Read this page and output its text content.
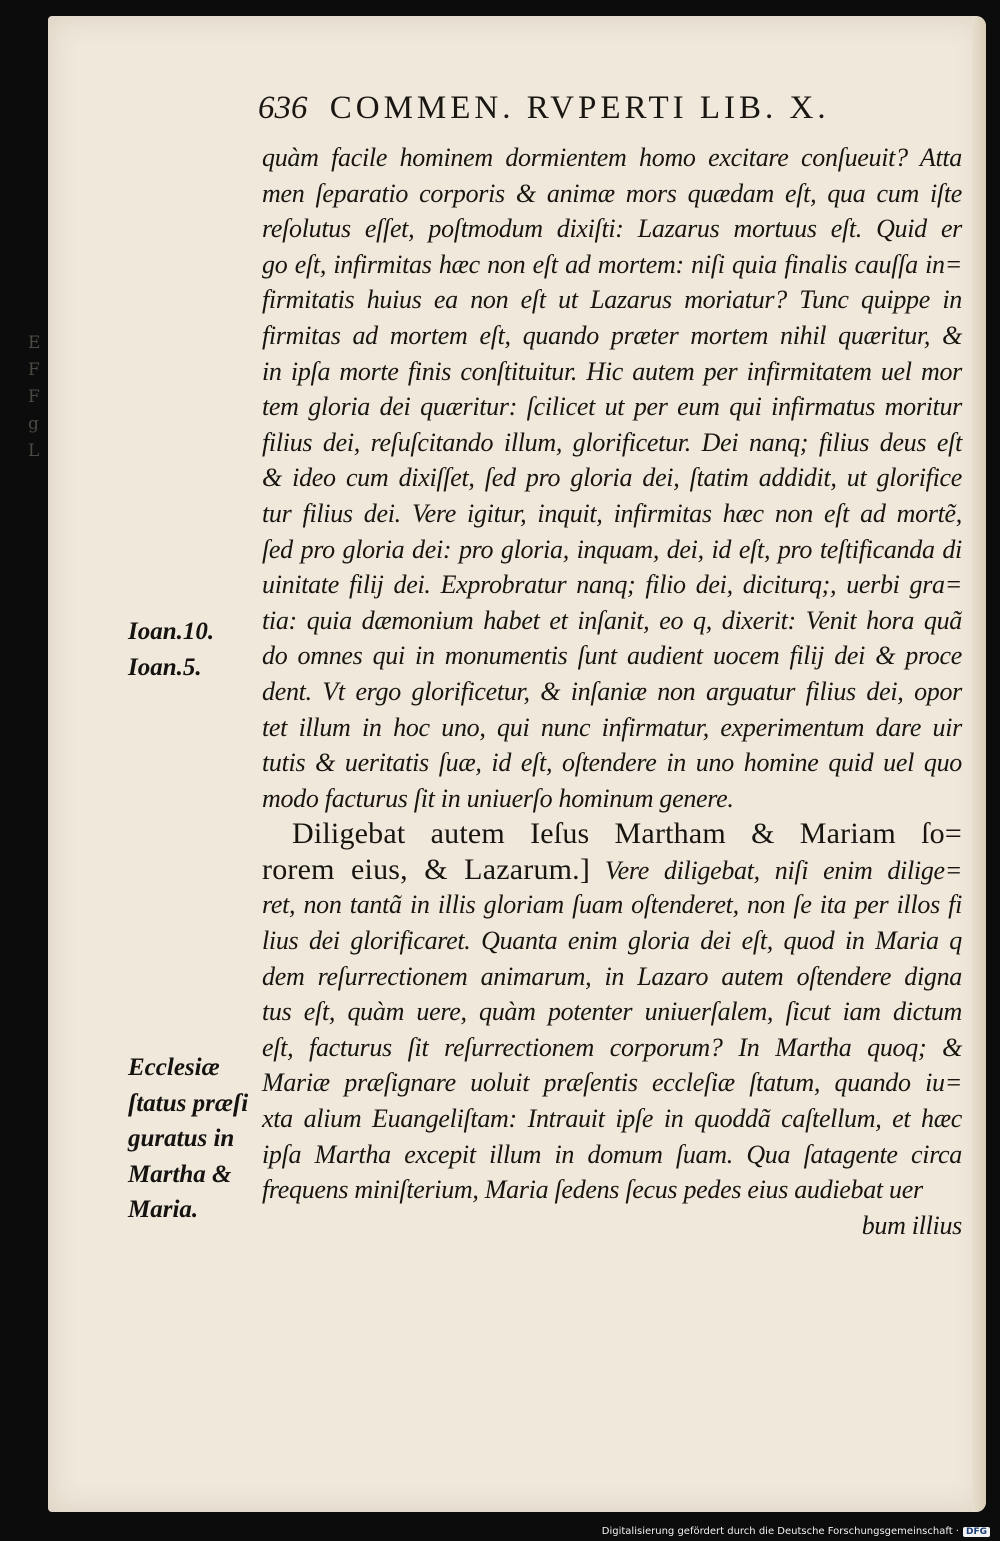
E
F
F
g
L
636 COMMEN. RVPERTI LIB. X.
quàm facile hominem dormientem homo excitare conſueuit? Atta
men ſeparatio corporis & animæ mors quædam eſt, qua cum iſte
reſolutus eſſet, poſtmodum dixiſti: Lazarus mortuus eſt. Quid er
go eſt, infirmitas hæc non eſt ad mortem: niſi quia finalis cauſſa in=
firmitatis huius ea non eſt ut Lazarus moriatur? Tunc quippe in
firmitas ad mortem eſt, quando præter mortem nihil quæritur, &
in ipſa morte finis conſtituitur. Hic autem per infirmitatem uel mor
tem gloria dei quæritur: ſcilicet ut per eum qui infirmatus moritur
filius dei, reſuſcitando illum, glorificetur. Dei nanq; filius deus eſt
& ideo cum dixiſſet, ſed pro gloria dei, ſtatim addidit, ut glorifice
tur filius dei. Vere igitur, inquit, infirmitas hæc non eſt ad mortẽ,
ſed pro gloria dei: pro gloria, inquam, dei, id eſt, pro teſtificanda di
uinitate filij dei. Exprobratur nanq; filio dei, diciturq;, uerbi gra=
tia: quia dæmonium habet et inſanit, eo q, dixerit: Venit hora quã
do omnes qui in monumentis ſunt audient uocem filij dei & proce
dent. Vt ergo glorificetur, & inſaniæ non arguatur filius dei, opor
tet illum in hoc uno, qui nunc infirmatur, experimentum dare uir
tutis & ueritatis ſuæ, id eſt, oſtendere in uno homine quid uel quo
modo facturus ſit in uniuerſo hominum genere.
Diligebat autem Ieſus Martham & Mariam ſo=
rorem eius, & Lazarum.] Vere diligebat, niſi enim dilige=
ret, non tantã in illis gloriam ſuam oſtenderet, non ſe ita per illos fi
lius dei glorificaret. Quanta enim gloria dei eſt, quod in Maria q
dem reſurrectionem animarum, in Lazaro autem oſtendere digna
tus eſt, quàm uere, quàm potenter uniuerſalem, ſicut iam dictum
eſt, facturus ſit reſurrectionem corporum? In Martha quoq; &
Mariæ præſignare uoluit præſentis eccleſiæ ſtatum, quando iu=
xta alium Euangeliſtam: Intrauit ipſe in quoddã caſtellum, et hæc
ipſa Martha excepit illum in domum ſuam. Qua ſatagente circa
frequens miniſterium, Maria ſedens ſecus pedes eius audiebat uer
bum illius
Ioan.10.
Ioan.5.
Ecclesiæ
ſtatus præſi
guratus in
Martha &
Maria.
Digitalisierung gefördert durch die Deutsche Forschungsgemeinschaft · DFG
